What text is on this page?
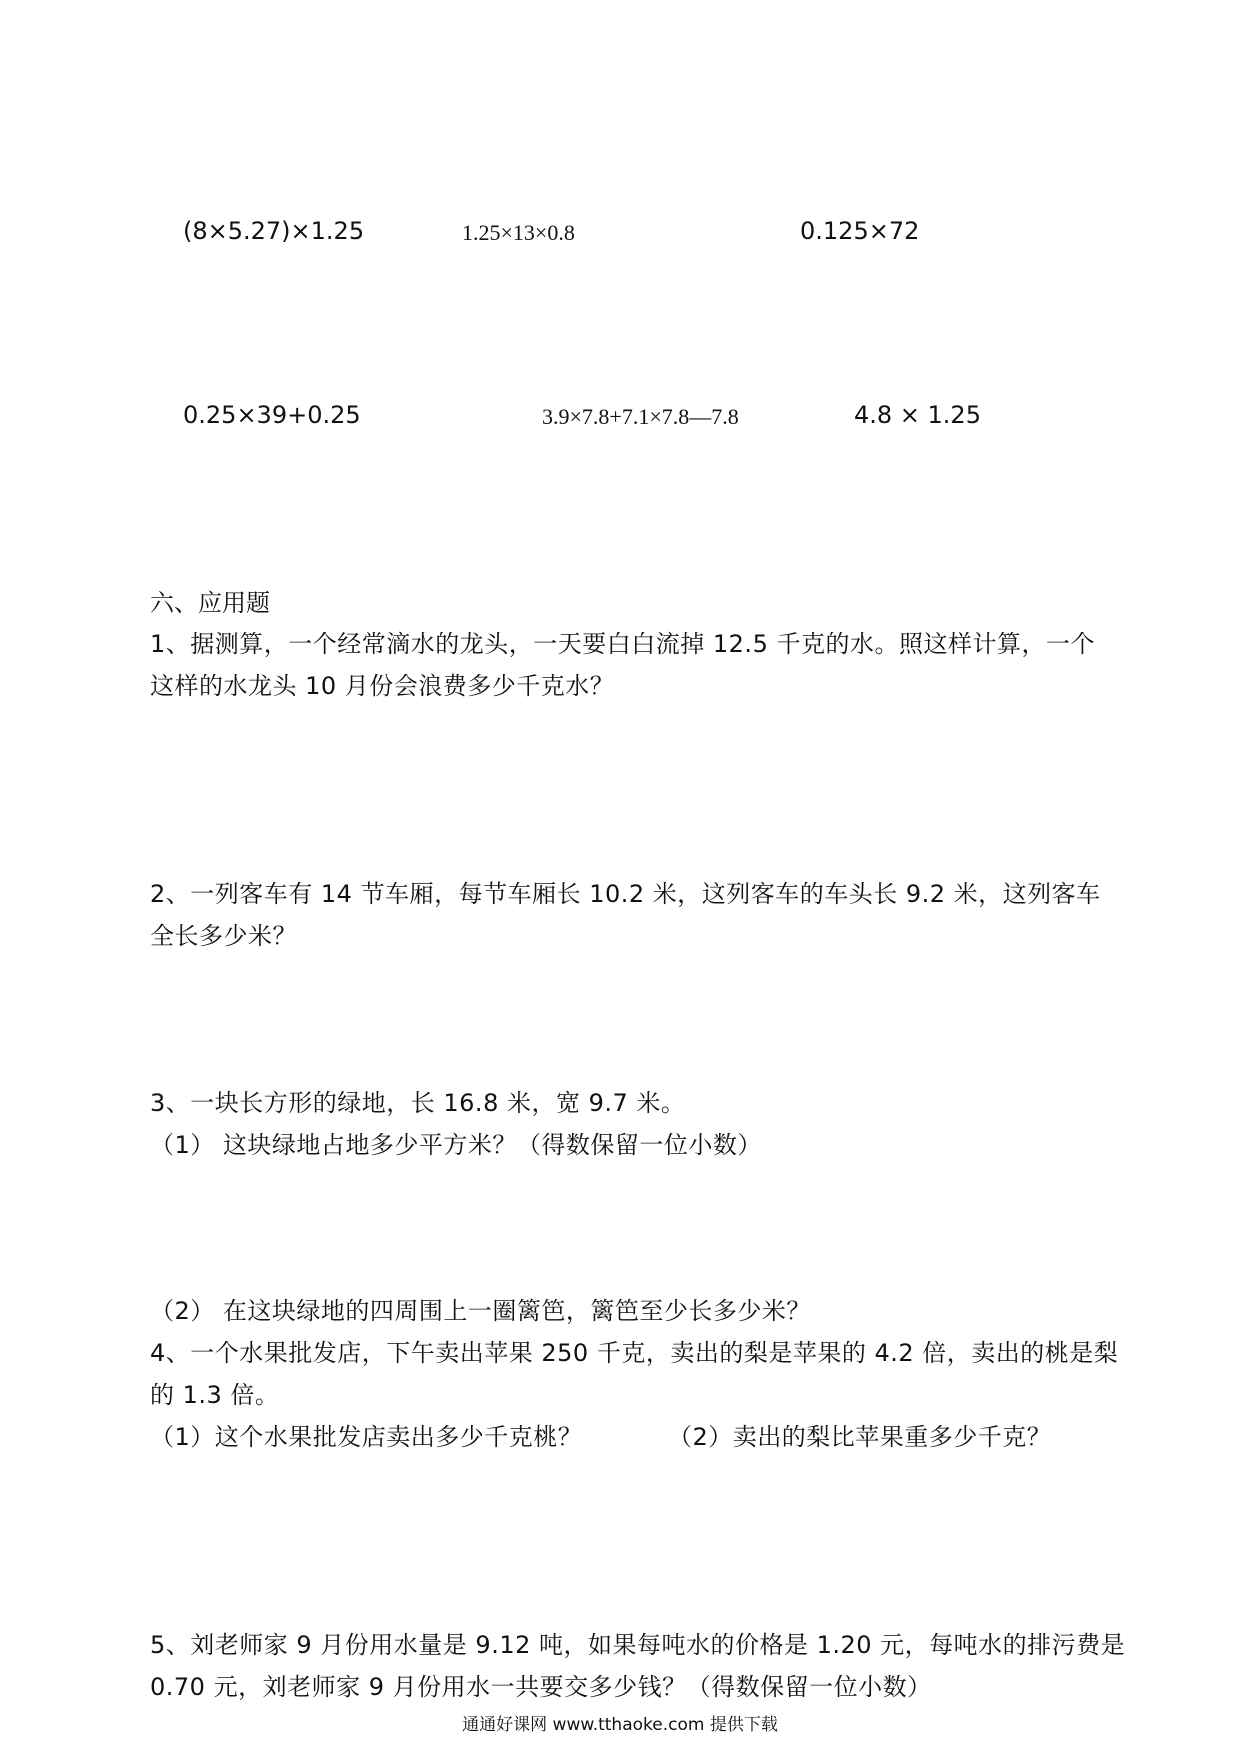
(8×5.27)×1.25	1.25×13×0.8	0.125×72
0.25×39+0.25	3.9×7.8+7.1×7.8—7.8	4.8 × 1.25
六、应用题
1、据测算，一个经常滴水的龙头，一天要白白流掉 12.5 千克的水。照这样计算，一个
这样的水龙头 10 月份会浪费多少千克水？
2、一列客车有 14 节车厢，每节车厢长 10.2 米，这列客车的车头长 9.2 米，这列客车
全长多少米？
3、一块长方形的绿地，长 16.8 米，宽 9.7 米。
（1） 这块绿地占地多少平方米？（得数保留一位小数）
（2） 在这块绿地的四周围上一圈篱笆，篱笆至少长多少米？
4、一个水果批发店，下午卖出苹果 250 千克，卖出的梨是苹果的 4.2 倍，卖出的桃是梨
的 1.3 倍。
（1）这个水果批发店卖出多少千克桃？	（2）卖出的梨比苹果重多少千克？
5、刘老师家 9 月份用水量是 9.12 吨，如果每吨水的价格是 1.20 元，每吨水的排污费是
0.70 元，刘老师家 9 月份用水一共要交多少钱？（得数保留一位小数）
通通好课网 www.tthaoke.com 提供下载
